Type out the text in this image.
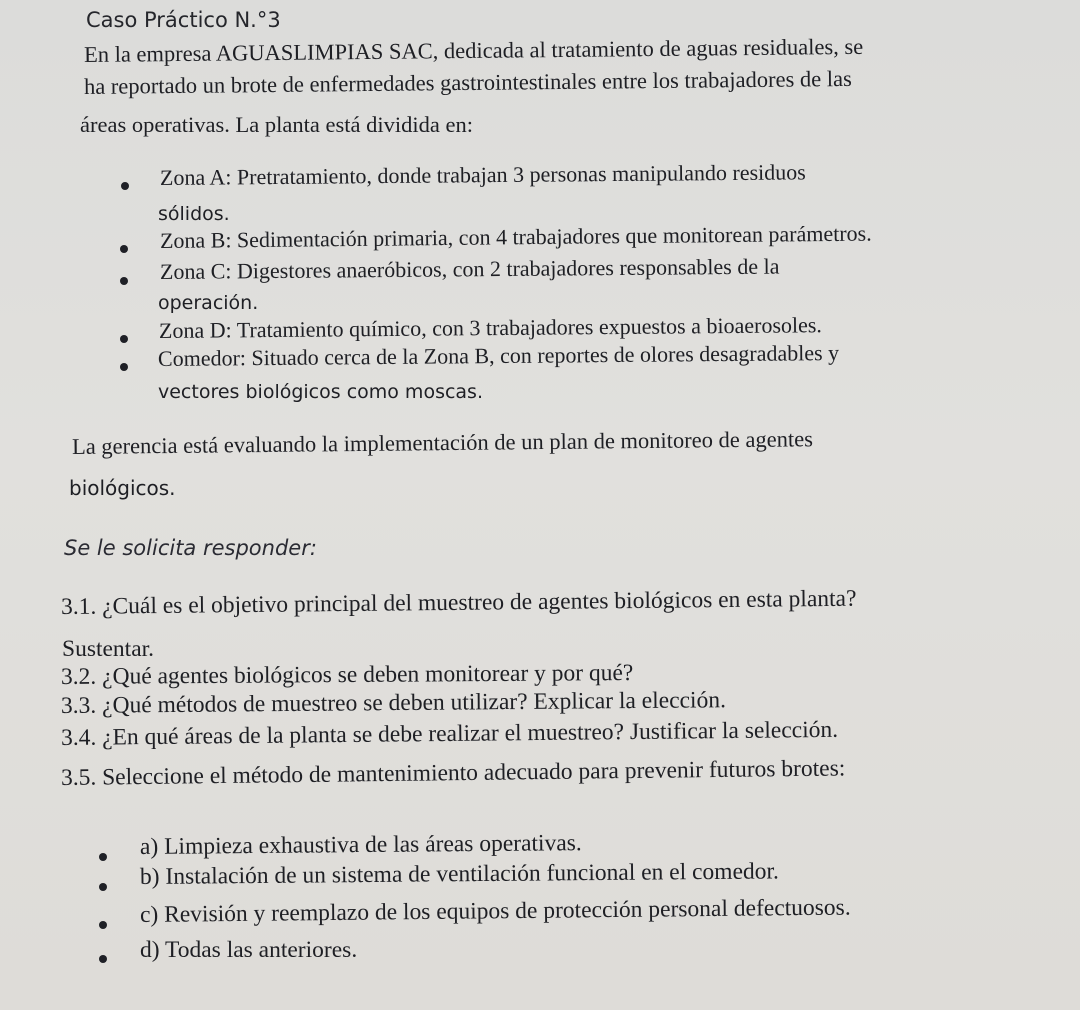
Caso Práctico N.°3
En la empresa AGUASLIMPIAS SAC, dedicada al tratamiento de aguas residuales, se
ha reportado un brote de enfermedades gastrointestinales entre los trabajadores de las
áreas operativas. La planta está dividida en:
Zona A: Pretratamiento, donde trabajan 3 personas manipulando residuos
sólidos.
Zona B: Sedimentación primaria, con 4 trabajadores que monitorean parámetros.
Zona C: Digestores anaeróbicos, con 2 trabajadores responsables de la
operación.
Zona D: Tratamiento químico, con 3 trabajadores expuestos a bioaerosoles.
Comedor: Situado cerca de la Zona B, con reportes de olores desagradables y
vectores biológicos como moscas.
La gerencia está evaluando la implementación de un plan de monitoreo de agentes
biológicos.
Se le solicita responder:
3.1. ¿Cuál es el objetivo principal del muestreo de agentes biológicos en esta planta?
Sustentar.
3.2. ¿Qué agentes biológicos se deben monitorear y por qué?
3.3. ¿Qué métodos de muestreo se deben utilizar? Explicar la elección.
3.4. ¿En qué áreas de la planta se debe realizar el muestreo? Justificar la selección.
3.5. Seleccione el método de mantenimiento adecuado para prevenir futuros brotes:
a) Limpieza exhaustiva de las áreas operativas.
b) Instalación de un sistema de ventilación funcional en el comedor.
c) Revisión y reemplazo de los equipos de protección personal defectuosos.
d) Todas las anteriores.
